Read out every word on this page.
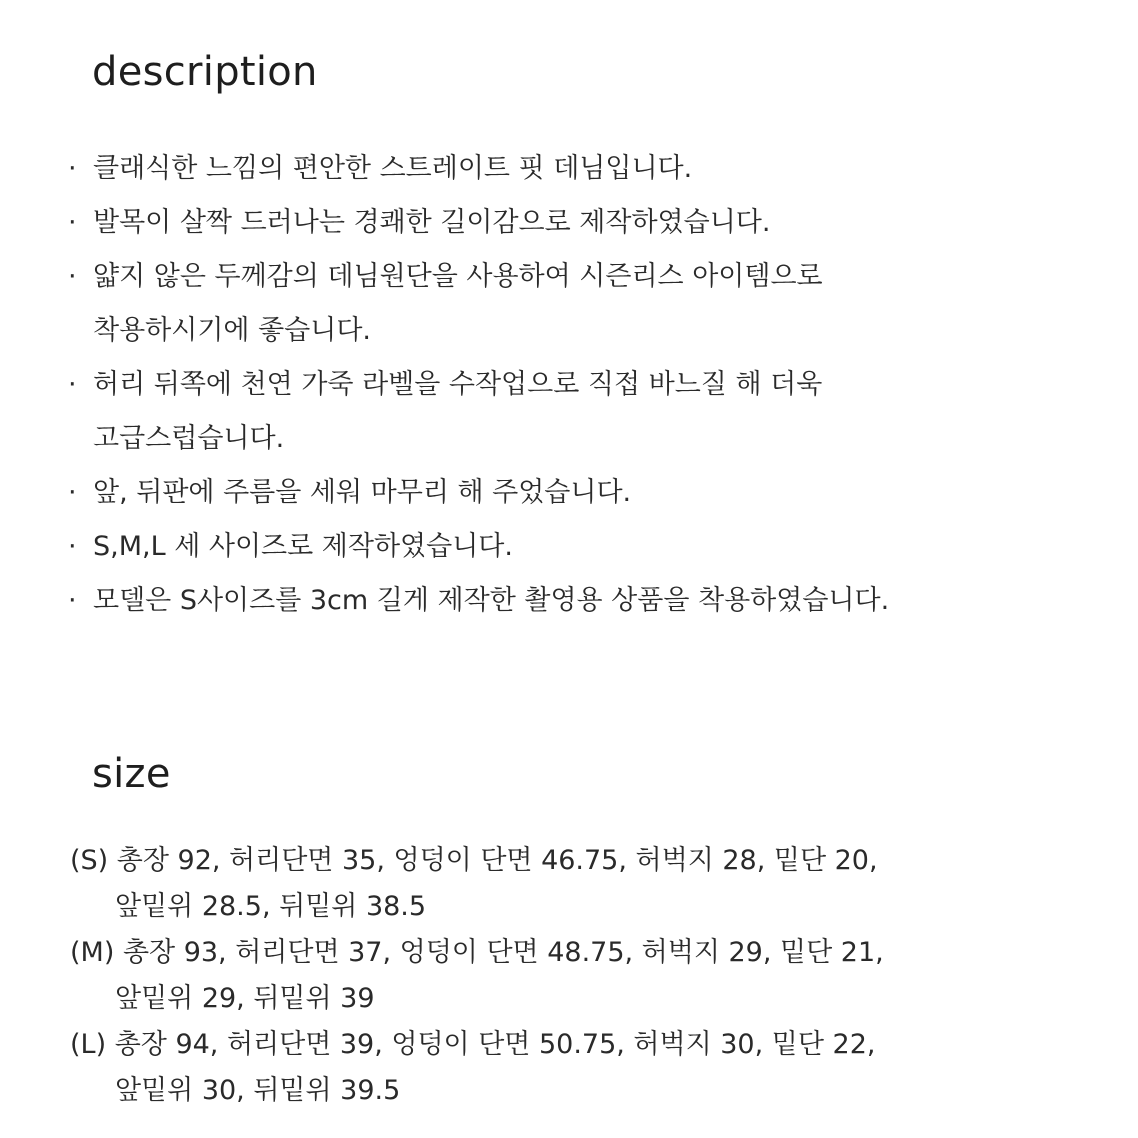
description
· 클래식한 느낌의 편안한 스트레이트 핏 데님입니다.
· 발목이 살짝 드러나는 경쾌한 길이감으로 제작하였습니다.
· 얇지 않은 두께감의 데님원단을 사용하여 시즌리스 아이템으로
착용하시기에 좋습니다.
· 허리 뒤쪽에 천연 가죽 라벨을 수작업으로 직접 바느질 해 더욱
고급스럽습니다.
· 앞, 뒤판에 주름을 세워 마무리 해 주었습니다.
· S,M,L 세 사이즈로 제작하였습니다.
· 모델은 S사이즈를 3cm 길게 제작한 촬영용 상품을 착용하였습니다.
size
(S) 총장 92, 허리단면 35, 엉덩이 단면 46.75, 허벅지 28, 밑단 20,
앞밑위 28.5, 뒤밑위 38.5
(M) 총장 93, 허리단면 37, 엉덩이 단면 48.75, 허벅지 29, 밑단 21,
앞밑위 29, 뒤밑위 39
(L) 총장 94, 허리단면 39, 엉덩이 단면 50.75, 허벅지 30, 밑단 22,
앞밑위 30, 뒤밑위 39.5
